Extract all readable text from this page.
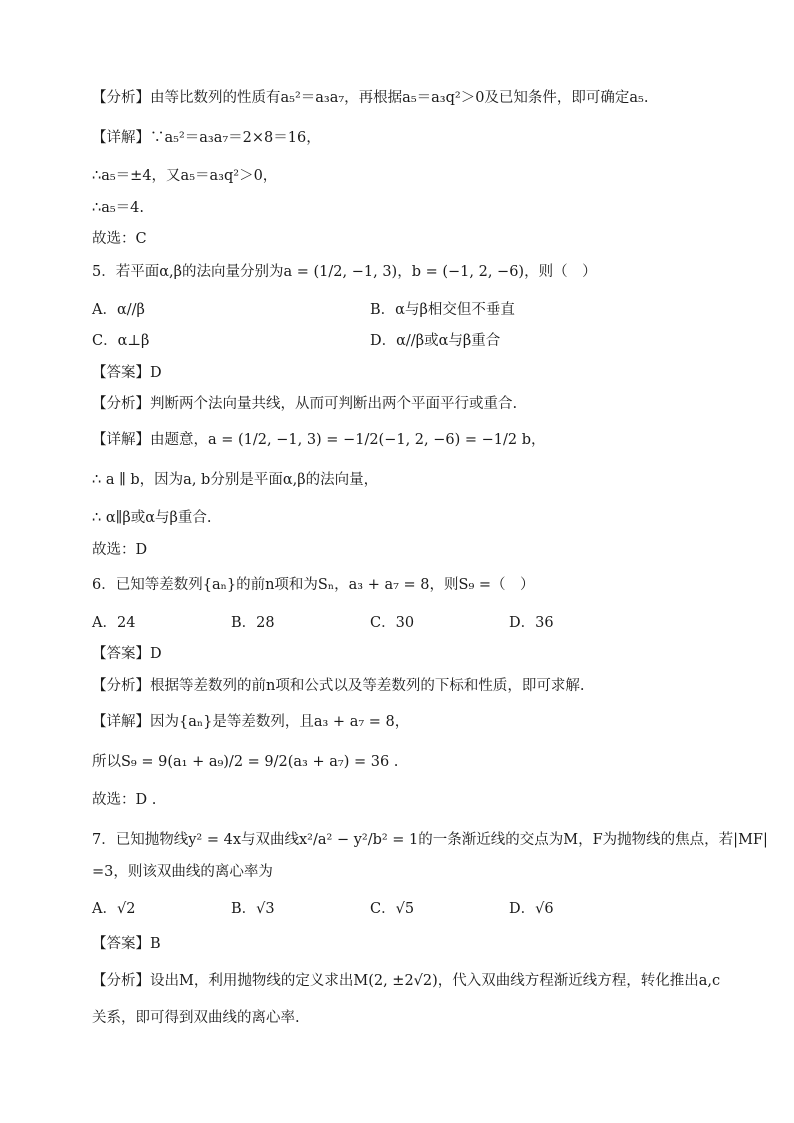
【分析】由等比数列的性质有a₅²＝a₃a₇，再根据a₅＝a₃q²＞0及已知条件，即可确定a₅.
【详解】∵a₅²＝a₃a₇＝2×8＝16，
∴a₅＝±4，又a₅＝a₃q²＞0，
∴a₅＝4.
故选：C
5．若平面α,β的法向量分别为a = (1/2, −1, 3)，b = (−1, 2, −6)，则（　）
A．α//β	B．α与β相交但不垂直
C．α⊥β	D．α//β或α与β重合
【答案】D
【分析】判断两个法向量共线，从而可判断出两个平面平行或重合.
【详解】由题意，a = (1/2, −1, 3) = −1/2(−1, 2, −6) = −1/2 b，
∴ a ∥ b，因为a, b分别是平面α,β的法向量，
∴ α∥β或α与β重合.
故选：D
6．已知等差数列{aₙ}的前n项和为Sₙ，a₃ + a₇ = 8，则S₉ =（　）
A．24	B．28	C．30	D．36
【答案】D
【分析】根据等差数列的前n项和公式以及等差数列的下标和性质，即可求解.
【详解】因为{aₙ}是等差数列，且a₃ + a₇ = 8，
所以S₉ = 9(a₁ + a₉)/2 = 9/2(a₃ + a₇) = 36 .
故选：D .
7．已知抛物线y² = 4x与双曲线x²/a² − y²/b² = 1的一条渐近线的交点为M，F为抛物线的焦点，若|MF|
=3，则该双曲线的离心率为
A．√2	B．√3	C．√5	D．√6
【答案】B
【分析】设出M，利用抛物线的定义求出M(2, ±2√2)，代入双曲线方程渐近线方程，转化推出a,c
关系，即可得到双曲线的离心率.
